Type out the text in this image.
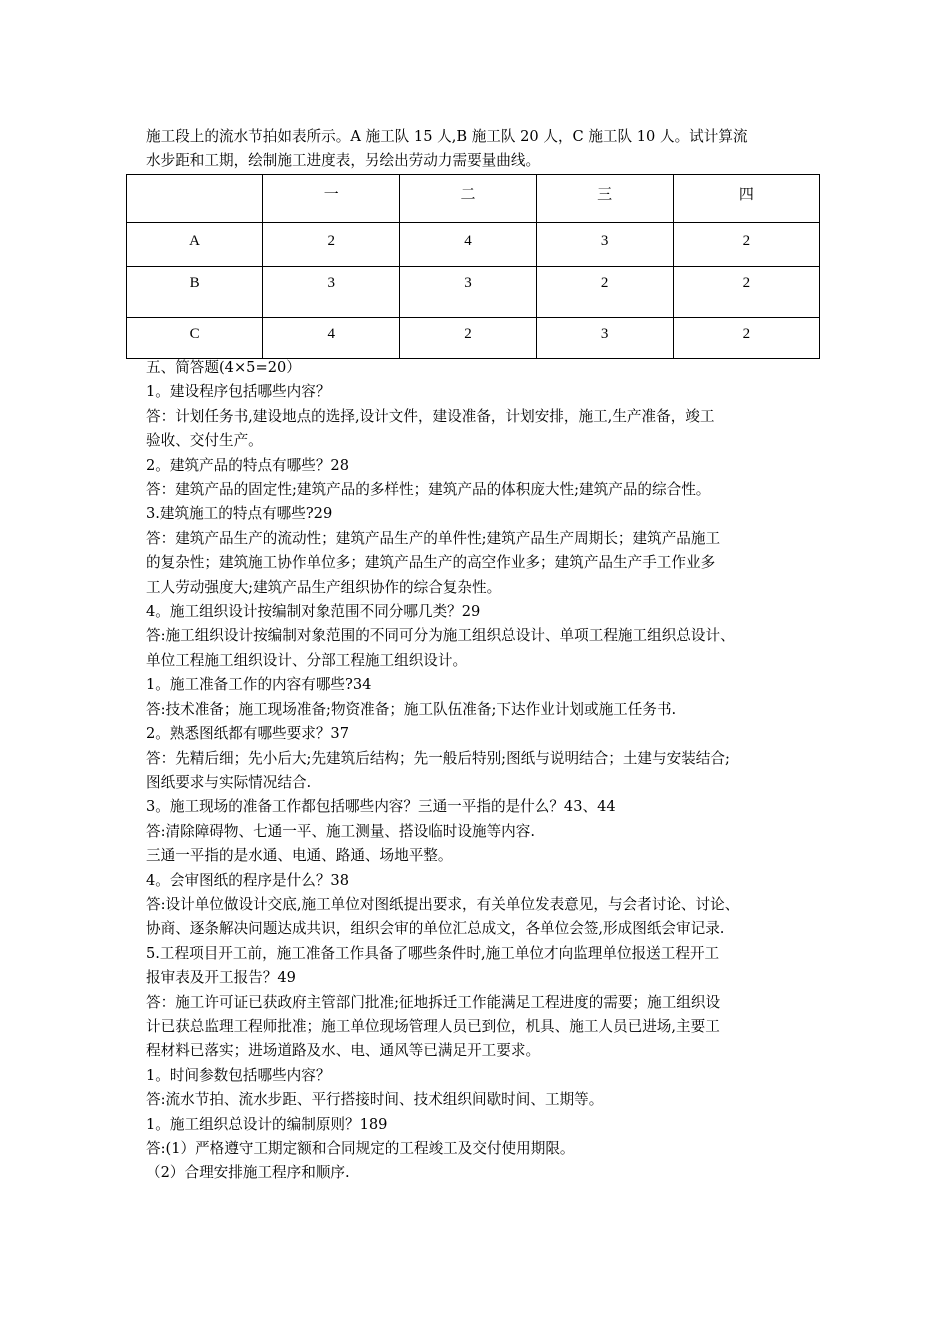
施工段上的流水节拍如表所示。A 施工队 15 人,B 施工队 20 人，C 施工队 10 人。试计算流

水步距和工期，绘制施工进度表，另绘出劳动力需要量曲线。

	一	二	三	四
A	2	4	3	2
B	3	3	2	2
C	4	2	3	2

五、简答题(4×5=20）

1。建设程序包括哪些内容？

答：计划任务书,建设地点的选择,设计文件，建设准备，计划安排，施工,生产准备，竣工

验收、交付生产。

2。建筑产品的特点有哪些？28

答：建筑产品的固定性;建筑产品的多样性；建筑产品的体积庞大性;建筑产品的综合性。

3.建筑施工的特点有哪些?29

答：建筑产品生产的流动性；建筑产品生产的单件性;建筑产品生产周期长；建筑产品施工

的复杂性；建筑施工协作单位多；建筑产品生产的高空作业多；建筑产品生产手工作业多

工人劳动强度大;建筑产品生产组织协作的综合复杂性。

4。施工组织设计按编制对象范围不同分哪几类？29

答:施工组织设计按编制对象范围的不同可分为施工组织总设计、单项工程施工组织总设计、

单位工程施工组织设计、分部工程施工组织设计。

1。施工准备工作的内容有哪些?34

答:技术准备；施工现场准备;物资准备；施工队伍准备;下达作业计划或施工任务书.

2。熟悉图纸都有哪些要求？37

答：先精后细；先小后大;先建筑后结构；先一般后特别;图纸与说明结合；土建与安装结合;

图纸要求与实际情况结合.

3。施工现场的准备工作都包括哪些内容？三通一平指的是什么？43、44

答:清除障碍物、七通一平、施工测量、搭设临时设施等内容.

三通一平指的是水通、电通、路通、场地平整。

4。会审图纸的程序是什么？38

答:设计单位做设计交底,施工单位对图纸提出要求，有关单位发表意见，与会者讨论、讨论、

协商、逐条解决问题达成共识，组织会审的单位汇总成文，各单位会签,形成图纸会审记录.

5.工程项目开工前，施工准备工作具备了哪些条件时,施工单位才向监理单位报送工程开工

报审表及开工报告？49

答：施工许可证已获政府主管部门批准;征地拆迁工作能满足工程进度的需要；施工组织设

计已获总监理工程师批准；施工单位现场管理人员已到位，机具、施工人员已进场,主要工

程材料已落实；进场道路及水、电、通风等已满足开工要求。

1。时间参数包括哪些内容？

答:流水节拍、流水步距、平行搭接时间、技术组织间歇时间、工期等。

1。施工组织总设计的编制原则？189

答:(1）严格遵守工期定额和合同规定的工程竣工及交付使用期限。

（2）合理安排施工程序和顺序.
